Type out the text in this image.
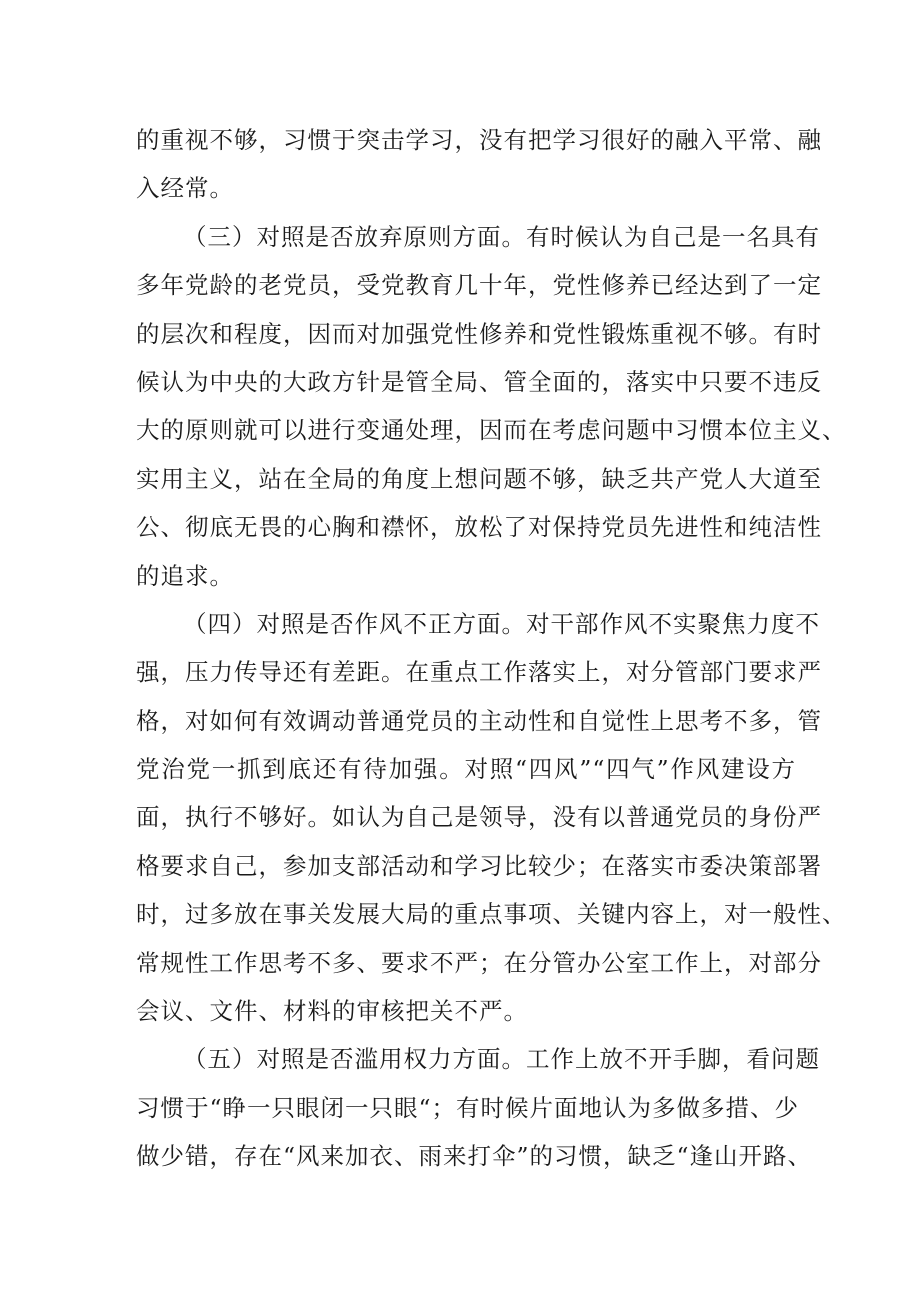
的重视不够，习惯于突击学习，没有把学习很好的融入平常、融
入经常。
（三）对照是否放弃原则方面。有时候认为自己是一名具有
多年党龄的老党员，受党教育几十年，党性修养已经达到了一定
的层次和程度，因而对加强党性修养和党性锻炼重视不够。有时
候认为中央的大政方针是管全局、管全面的，落实中只要不违反
大的原则就可以进行变通处理，因而在考虑问题中习惯本位主义、
实用主义，站在全局的角度上想问题不够，缺乏共产党人大道至
公、彻底无畏的心胸和襟怀，放松了对保持党员先进性和纯洁性
的追求。
（四）对照是否作风不正方面。对干部作风不实聚焦力度不
强，压力传导还有差距。在重点工作落实上，对分管部门要求严
格，对如何有效调动普通党员的主动性和自觉性上思考不多，管
党治党一抓到底还有待加强。对照“四风”“四气”作风建设方
面，执行不够好。如认为自己是领导，没有以普通党员的身份严
格要求自己，参加支部活动和学习比较少；在落实市委决策部署
时，过多放在事关发展大局的重点事项、关键内容上，对一般性、
常规性工作思考不多、要求不严；在分管办公室工作上，对部分
会议、文件、材料的审核把关不严。
（五）对照是否滥用权力方面。工作上放不开手脚，看问题
习惯于“睁一只眼闭一只眼“；有时候片面地认为多做多措、少
做少错，存在“风来加衣、雨来打伞”的习惯，缺乏“逢山开路、
